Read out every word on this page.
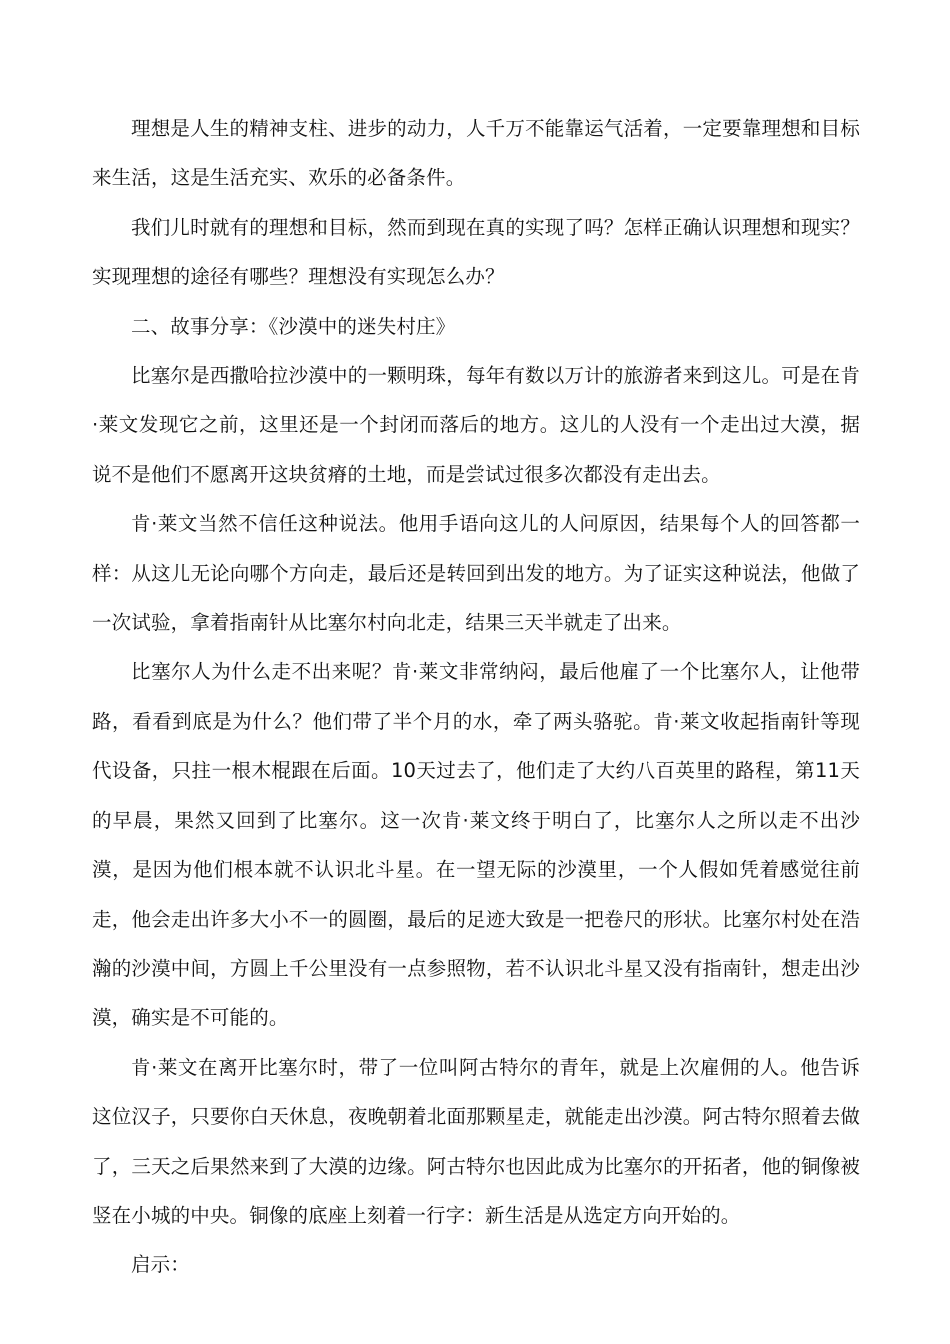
理想是人生的精神支柱、进步的动力，人千万不能靠运气活着，一定要靠理想和目标来生活，这是生活充实、欢乐的必备条件。

我们儿时就有的理想和目标，然而到现在真的实现了吗？怎样正确认识理想和现实？实现理想的途径有哪些？理想没有实现怎么办？

二、故事分享：《沙漠中的迷失村庄》

比塞尔是西撒哈拉沙漠中的一颗明珠，每年有数以万计的旅游者来到这儿。可是在肯·莱文发现它之前，这里还是一个封闭而落后的地方。这儿的人没有一个走出过大漠，据说不是他们不愿离开这块贫瘠的土地，而是尝试过很多次都没有走出去。

肯·莱文当然不信任这种说法。他用手语向这儿的人问原因，结果每个人的回答都一样：从这儿无论向哪个方向走，最后还是转回到出发的地方。为了证实这种说法，他做了一次试验，拿着指南针从比塞尔村向北走，结果三天半就走了出来。

比塞尔人为什么走不出来呢？肯·莱文非常纳闷，最后他雇了一个比塞尔人，让他带路，看看到底是为什么？他们带了半个月的水，牵了两头骆驼。肯·莱文收起指南针等现代设备，只拄一根木棍跟在后面。10天过去了，他们走了大约八百英里的路程，第11天的早晨，果然又回到了比塞尔。这一次肯·莱文终于明白了，比塞尔人之所以走不出沙漠，是因为他们根本就不认识北斗星。在一望无际的沙漠里，一个人假如凭着感觉往前走，他会走出许多大小不一的圆圈，最后的足迹大致是一把卷尺的形状。比塞尔村处在浩瀚的沙漠中间，方圆上千公里没有一点参照物，若不认识北斗星又没有指南针，想走出沙漠，确实是不可能的。

肯·莱文在离开比塞尔时，带了一位叫阿古特尔的青年，就是上次雇佣的人。他告诉这位汉子，只要你白天休息，夜晚朝着北面那颗星走，就能走出沙漠。阿古特尔照着去做了，三天之后果然来到了大漠的边缘。阿古特尔也因此成为比塞尔的开拓者，他的铜像被竖在小城的中央。铜像的底座上刻着一行字：新生活是从选定方向开始的。

启示：
